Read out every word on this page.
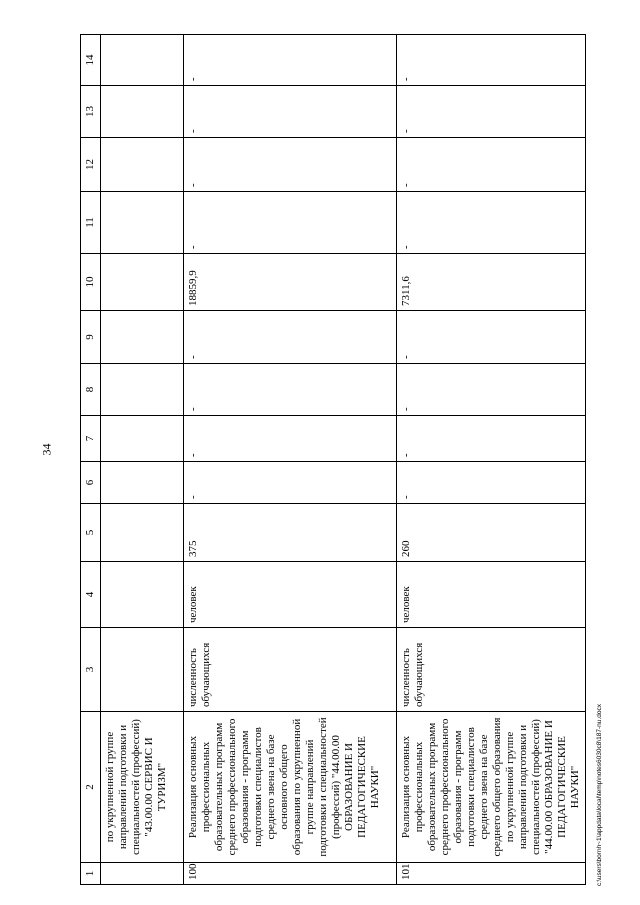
34
1	2	3	4	5	6	7	8	9	10	11	12	13	14
	по укрупненной группе направлений подготовки и специальностей (профессий) "43.00.00 СЕРВИС И ТУРИЗМ"												
100	Реализация основных профессиональных образовательных программ среднего профессионального образования - программ подготовки специалистов среднего звена на базе основного общего образования по укрупненной группе направлений подготовки и специальностей (профессий) "44.00.00 ОБРАЗОВАНИЕ И ПЕДАГОГИЧЕСКИЕ НАУКИ"	численность обучающихся	человек	375	-	-	-	-	18859,9	-	-	-	-
101	Реализация основных профессиональных образовательных программ среднего профессионального образования - программ подготовки специалистов среднего звена на базе среднего общего образования по укрупненной группе направлений подготовки и специальностей (профессий) "44.00.00 ОБРАЗОВАНИЕ И ПЕДАГОГИЧЕСКИЕ НАУКИ"	численность обучающихся	человек	260	-	-	-	-	7311,6	-	-	-	-
c:\users\bornh~1\appdata\local\temp\notes6030c8\187-nu.docx
